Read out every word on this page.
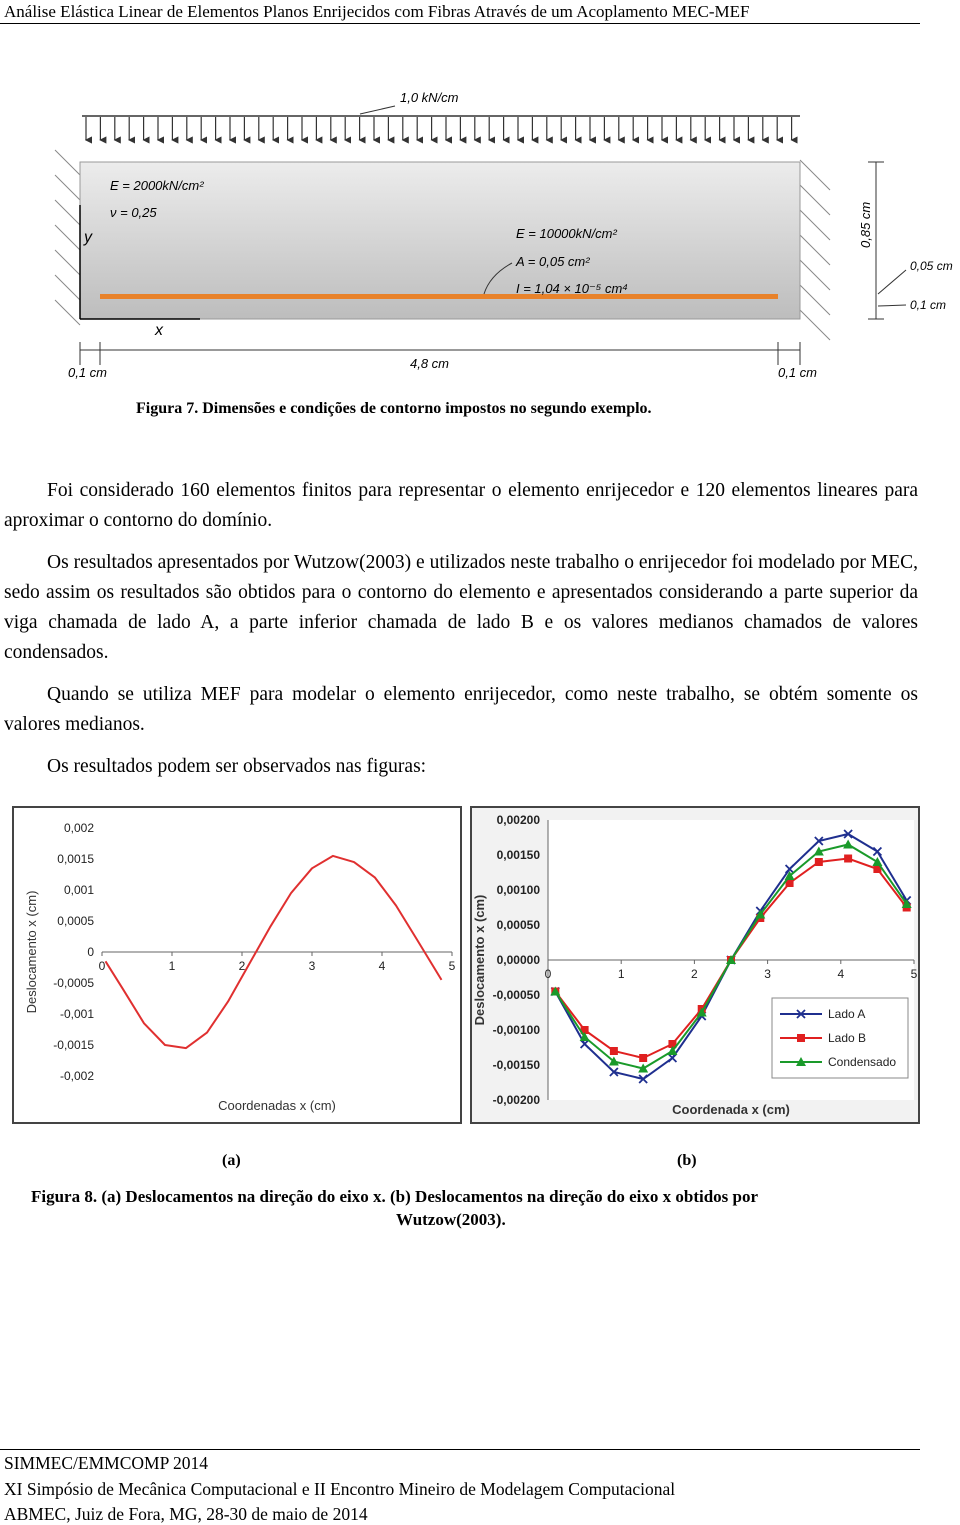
Análise Elástica Linear de Elementos Planos Enrijecidos com Fibras Através de um Acoplamento MEC-MEF
y
x
1,0 kN/cm
E = 2000kN/cm²
ν = 0,25
E = 10000kN/cm²
A = 0,05 cm²
I = 1,04 × 10⁻⁵ cm⁴
0,85 cm
0,05 cm
0,1 cm
0,1 cm
4,8 cm
0,1 cm
Figura 7. Dimensões e condições de contorno impostos no segundo exemplo.
Foi considerado 160 elementos finitos para representar o elemento enrijecedor e 120 elementos lineares para aproximar o contorno do domínio.
Os resultados apresentados por Wutzow(2003) e utilizados neste trabalho o enrijecedor foi modelado por MEC, sedo assim os resultados são obtidos para o contorno do elemento e apresentados considerando a parte superior da viga chamada de lado A, a parte inferior chamada de lado B e os valores medianos chamados de valores condensados.
Quando se utiliza MEF para modelar o elemento enrijecedor, como neste trabalho, se obtém somente os valores medianos.
Os resultados podem ser observados nas figuras:
0,002
0,0015
0,001
0,0005
0
-0,0005
-0,001
-0,0015
-0,002
0	1	2	3	4	5
Coordenadas x (cm)
Deslocamento x (cm)
0,00200
0,00150
0,00100
0,00050
0,00000
-0,00050
-0,00100
-0,00150
-0,00200
0	1	2	3	4	5
Coordenada x (cm)
Deslocamento x (cm)	Lado A
Lado B
Condensado
(a)	(b)
Figura 8. (a) Deslocamentos na direção do eixo x. (b) Deslocamentos na direção do eixo x obtidos por
Wutzow(2003).
SIMMEC/EMMCOMP 2014
XI Simpósio de Mecânica Computacional e II Encontro Mineiro de Modelagem Computacional
ABMEC, Juiz de Fora, MG, 28-30 de maio de 2014
